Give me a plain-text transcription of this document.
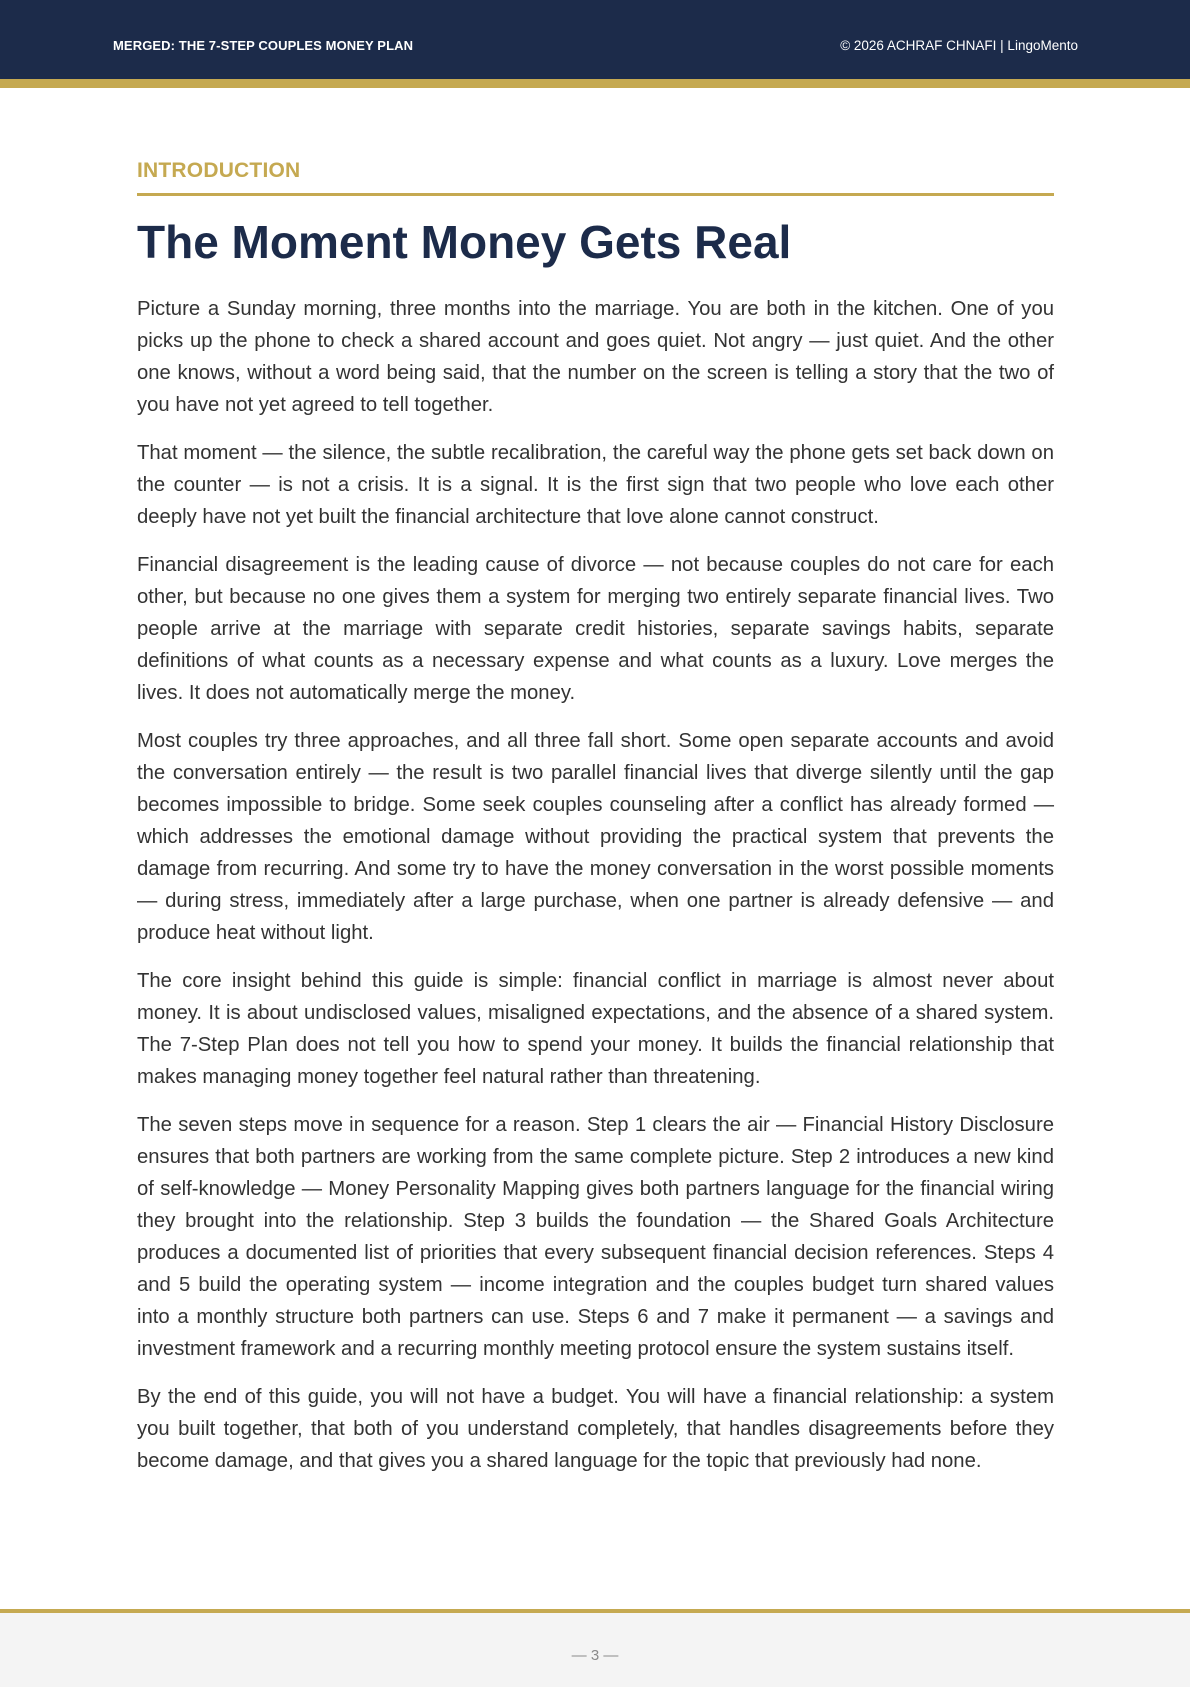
MERGED: THE 7-STEP COUPLES MONEY PLAN	© 2026 ACHRAF CHNAFI | LingoMento
INTRODUCTION
The Moment Money Gets Real

Picture a Sunday morning, three months into the marriage. You are both in the kitchen. One of you picks up the phone to check a shared account and goes quiet. Not angry — just quiet. And the other one knows, without a word being said, that the number on the screen is telling a story that the two of you have not yet agreed to tell together.

That moment — the silence, the subtle recalibration, the careful way the phone gets set back down on the counter — is not a crisis. It is a signal. It is the first sign that two people who love each other deeply have not yet built the financial architecture that love alone cannot construct.

Financial disagreement is the leading cause of divorce — not because couples do not care for each other, but because no one gives them a system for merging two entirely separate financial lives. Two people arrive at the marriage with separate credit histories, separate savings habits, separate definitions of what counts as a necessary expense and what counts as a luxury. Love merges the lives. It does not automatically merge the money.

Most couples try three approaches, and all three fall short. Some open separate accounts and avoid the conversation entirely — the result is two parallel financial lives that diverge silently until the gap becomes impossible to bridge. Some seek couples counseling after a conflict has already formed — which addresses the emotional damage without providing the practical system that prevents the damage from recurring. And some try to have the money conversation in the worst possible moments — during stress, immediately after a large purchase, when one partner is already defensive — and produce heat without light.

The core insight behind this guide is simple: financial conflict in marriage is almost never about money. It is about undisclosed values, misaligned expectations, and the absence of a shared system. The 7-Step Plan does not tell you how to spend your money. It builds the financial relationship that makes managing money together feel natural rather than threatening.

The seven steps move in sequence for a reason. Step 1 clears the air — Financial History Disclosure ensures that both partners are working from the same complete picture. Step 2 introduces a new kind of self-knowledge — Money Personality Mapping gives both partners language for the financial wiring they brought into the relationship. Step 3 builds the foundation — the Shared Goals Architecture produces a documented list of priorities that every subsequent financial decision references. Steps 4 and 5 build the operating system — income integration and the couples budget turn shared values into a monthly structure both partners can use. Steps 6 and 7 make it permanent — a savings and investment framework and a recurring monthly meeting protocol ensure the system sustains itself.

By the end of this guide, you will not have a budget. You will have a financial relationship: a system you built together, that both of you understand completely, that handles disagreements before they become damage, and that gives you a shared language for the topic that previously had none.

— 3 —
